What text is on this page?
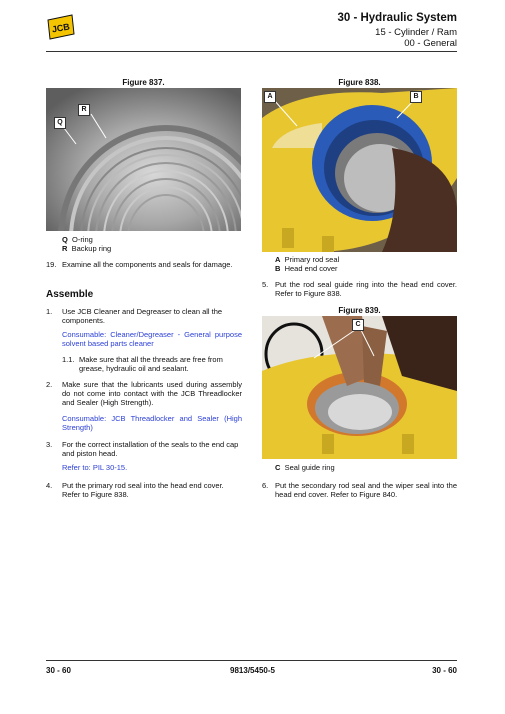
JCB
30 - Hydraulic System
15 - Cylinder / Ram
00 - General
Figure 837.
R
Q
Q O-ring
R Backup ring
19. Examine all the components and seals for damage.
Assemble
1. Use JCB Cleaner and Degreaser to clean all the components.
Consumable: Cleaner/Degreaser - General purpose solvent based parts cleaner
1.1. Make sure that all the threads are free from grease, hydraulic oil and sealant.
2. Make sure that the lubricants used during assembly do not come into contact with the JCB Threadlocker and Sealer (High Strength).
Consumable: JCB Threadlocker and Sealer (High Strength)
3. For the correct installation of the seals to the end cap and piston head.
Refer to: PIL 30-15.
4. Put the primary rod seal into the head end cover. Refer to Figure 838.
Figure 838.
A	B
A Primary rod seal
B Head end cover
5. Put the rod seal guide ring into the head end cover. Refer to Figure 838.
Figure 839.
C
C Seal guide ring
6. Put the secondary rod seal and the wiper seal into the head end cover. Refer to Figure 840.
30 - 60	9813/5450-5	30 - 60
